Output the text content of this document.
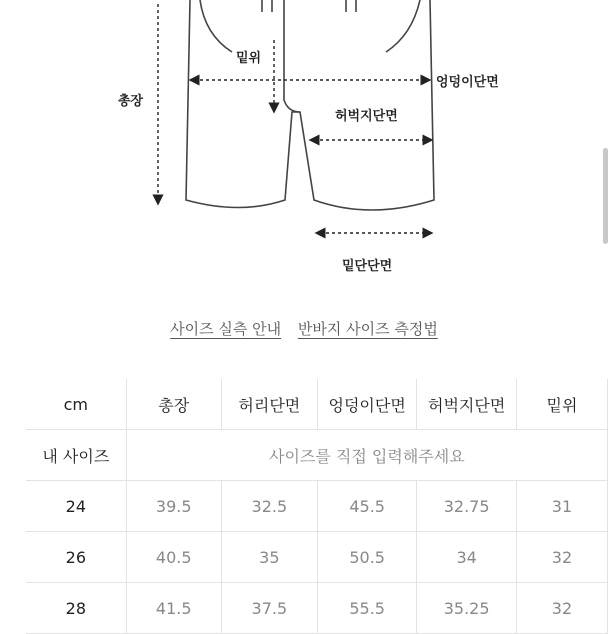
총장
밑위
엉덩이단면
허벅지단면
밑단단면
사이즈 실측 안내 반바지 사이즈 측정법
cm	총장	허리단면	엉덩이단면	허벅지단면	밑위
내 사이즈	사이즈를 직접 입력해주세요				
24	39.5	32.5	45.5	32.75	31
26	40.5	35	50.5	34	32
28	41.5	37.5	55.5	35.25	32
